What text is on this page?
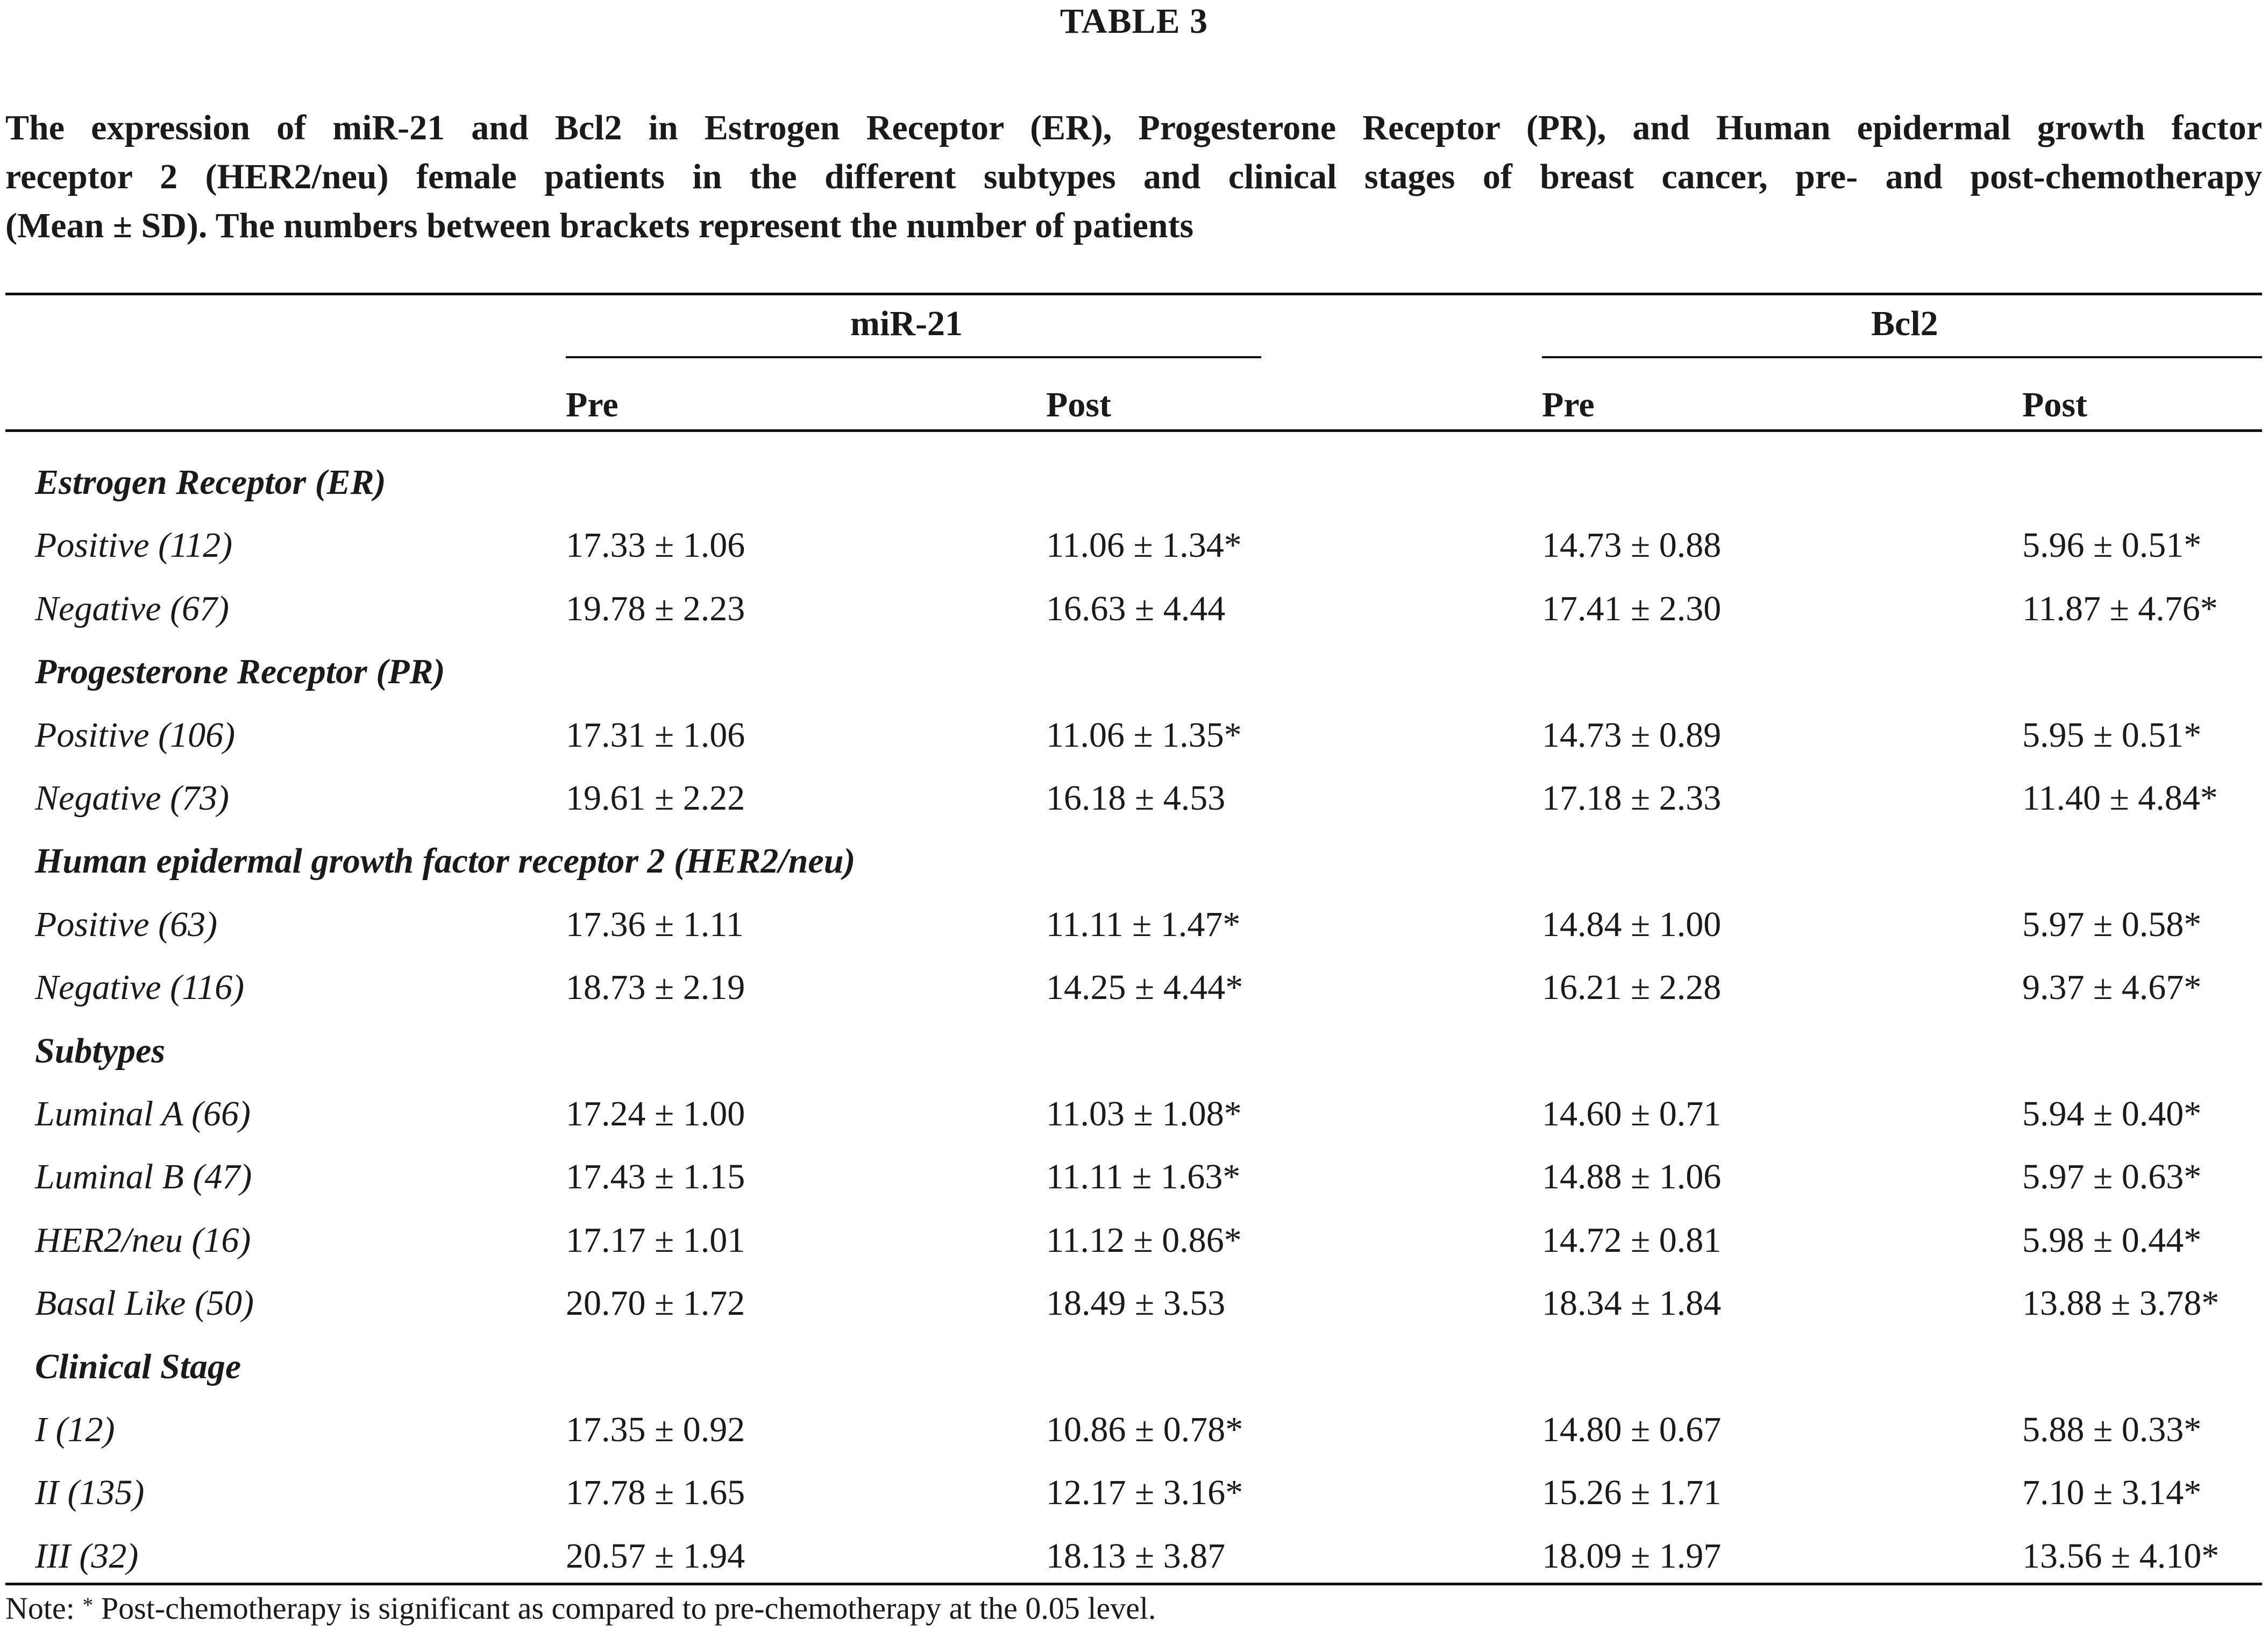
TABLE 3
The expression of miR-21 and Bcl2 in Estrogen Receptor (ER), Progesterone Receptor (PR), and Human epidermal growth factor
receptor 2 (HER2/neu) female patients in the different subtypes and clinical stages of breast cancer, pre- and post-chemotherapy
(Mean ± SD). The numbers between brackets represent the number of patients
miR-21	Bcl2
Pre	Post	Pre	Post
Estrogen Receptor (ER)
Positive (112)	17.33 ± 1.06	11.06 ± 1.34*	14.73 ± 0.88	5.96 ± 0.51*
Negative (67)	19.78 ± 2.23	16.63 ± 4.44	17.41 ± 2.30	11.87 ± 4.76*
Progesterone Receptor (PR)
Positive (106)	17.31 ± 1.06	11.06 ± 1.35*	14.73 ± 0.89	5.95 ± 0.51*
Negative (73)	19.61 ± 2.22	16.18 ± 4.53	17.18 ± 2.33	11.40 ± 4.84*
Human epidermal growth factor receptor 2 (HER2/neu)
Positive (63)	17.36 ± 1.11	11.11 ± 1.47*	14.84 ± 1.00	5.97 ± 0.58*
Negative (116)	18.73 ± 2.19	14.25 ± 4.44*	16.21 ± 2.28	9.37 ± 4.67*
Subtypes
Luminal A (66)	17.24 ± 1.00	11.03 ± 1.08*	14.60 ± 0.71	5.94 ± 0.40*
Luminal B (47)	17.43 ± 1.15	11.11 ± 1.63*	14.88 ± 1.06	5.97 ± 0.63*
HER2/neu (16)	17.17 ± 1.01	11.12 ± 0.86*	14.72 ± 0.81	5.98 ± 0.44*
Basal Like (50)	20.70 ± 1.72	18.49 ± 3.53	18.34 ± 1.84	13.88 ± 3.78*
Clinical Stage
I (12)	17.35 ± 0.92	10.86 ± 0.78*	14.80 ± 0.67	5.88 ± 0.33*
II (135)	17.78 ± 1.65	12.17 ± 3.16*	15.26 ± 1.71	7.10 ± 3.14*
III (32)	20.57 ± 1.94	18.13 ± 3.87	18.09 ± 1.97	13.56 ± 4.10*
Note: * Post-chemotherapy is significant as compared to pre-chemotherapy at the 0.05 level.
